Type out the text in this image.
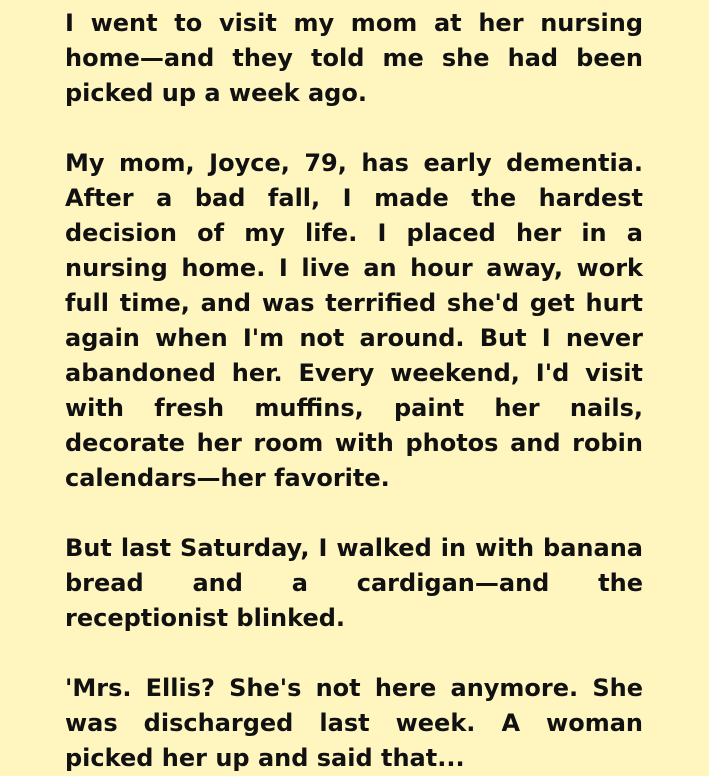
I went to visit my mom at her nursing home—and they told me she had been picked up a week ago.

My mom, Joyce, 79, has early dementia. After a bad fall, I made the hardest decision of my life. I placed her in a nursing home. I live an hour away, work full time, and was terrified she'd get hurt again when I'm not around. But I never abandoned her. Every weekend, I'd visit with fresh muffins, paint her nails, decorate her room with photos and robin calendars—her favorite.

But last Saturday, I walked in with banana bread and a cardigan—and the receptionist blinked.

'Mrs. Ellis? She's not here anymore. She was discharged last week. A woman picked her up and said that...
